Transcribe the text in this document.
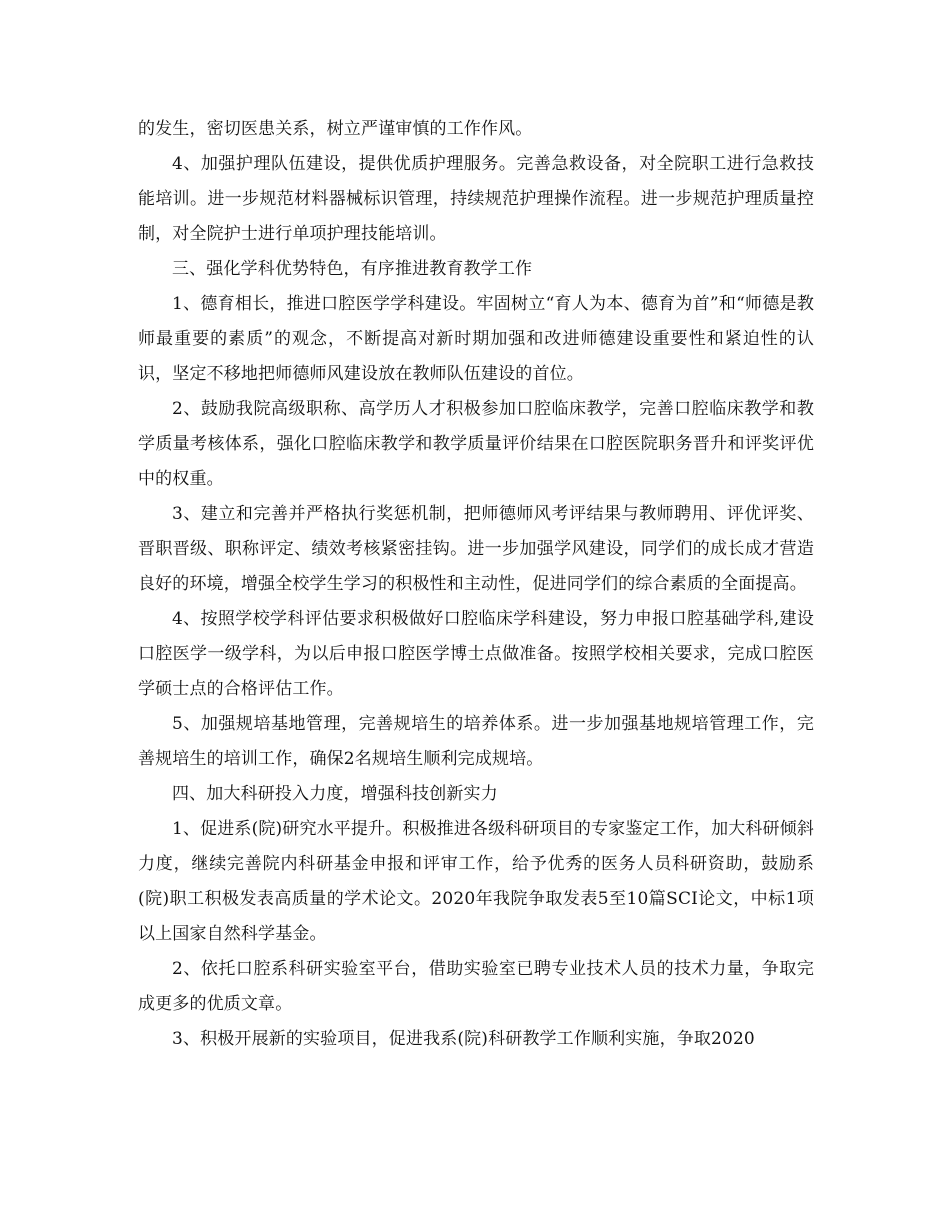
的发生，密切医患关系，树立严谨审慎的工作作风。

4、加强护理队伍建设，提供优质护理服务。完善急救设备，对全院职工进行急救技能培训。进一步规范材料器械标识管理，持续规范护理操作流程。进一步规范护理质量控制，对全院护士进行单项护理技能培训。

三、强化学科优势特色，有序推进教育教学工作

1、德育相长，推进口腔医学学科建设。牢固树立“育人为本、德育为首”和“师德是教师最重要的素质”的观念，不断提高对新时期加强和改进师德建设重要性和紧迫性的认识，坚定不移地把师德师风建设放在教师队伍建设的首位。

2、鼓励我院高级职称、高学历人才积极参加口腔临床教学，完善口腔临床教学和教学质量考核体系，强化口腔临床教学和教学质量评价结果在口腔医院职务晋升和评奖评优中的权重。

3、建立和完善并严格执行奖惩机制，把师德师风考评结果与教师聘用、评优评奖、晋职晋级、职称评定、绩效考核紧密挂钩。进一步加强学风建设，同学们的成长成才营造良好的环境，增强全校学生学习的积极性和主动性，促进同学们的综合素质的全面提高。

4、按照学校学科评估要求积极做好口腔临床学科建设，努力申报口腔基础学科,建设口腔医学一级学科，为以后申报口腔医学博士点做准备。按照学校相关要求，完成口腔医学硕士点的合格评估工作。

5、加强规培基地管理，完善规培生的培养体系。进一步加强基地规培管理工作，完善规培生的培训工作，确保2名规培生顺利完成规培。

四、加大科研投入力度，增强科技创新实力

1、促进系(院)研究水平提升。积极推进各级科研项目的专家鉴定工作，加大科研倾斜力度，继续完善院内科研基金申报和评审工作，给予优秀的医务人员科研资助，鼓励系(院)职工积极发表高质量的学术论文。2020年我院争取发表5至10篇SCI论文，中标1项以上国家自然科学基金。

2、依托口腔系科研实验室平台，借助实验室已聘专业技术人员的技术力量，争取完成更多的优质文章。

3、积极开展新的实验项目，促进我系(院)科研教学工作顺利实施，争取2020
